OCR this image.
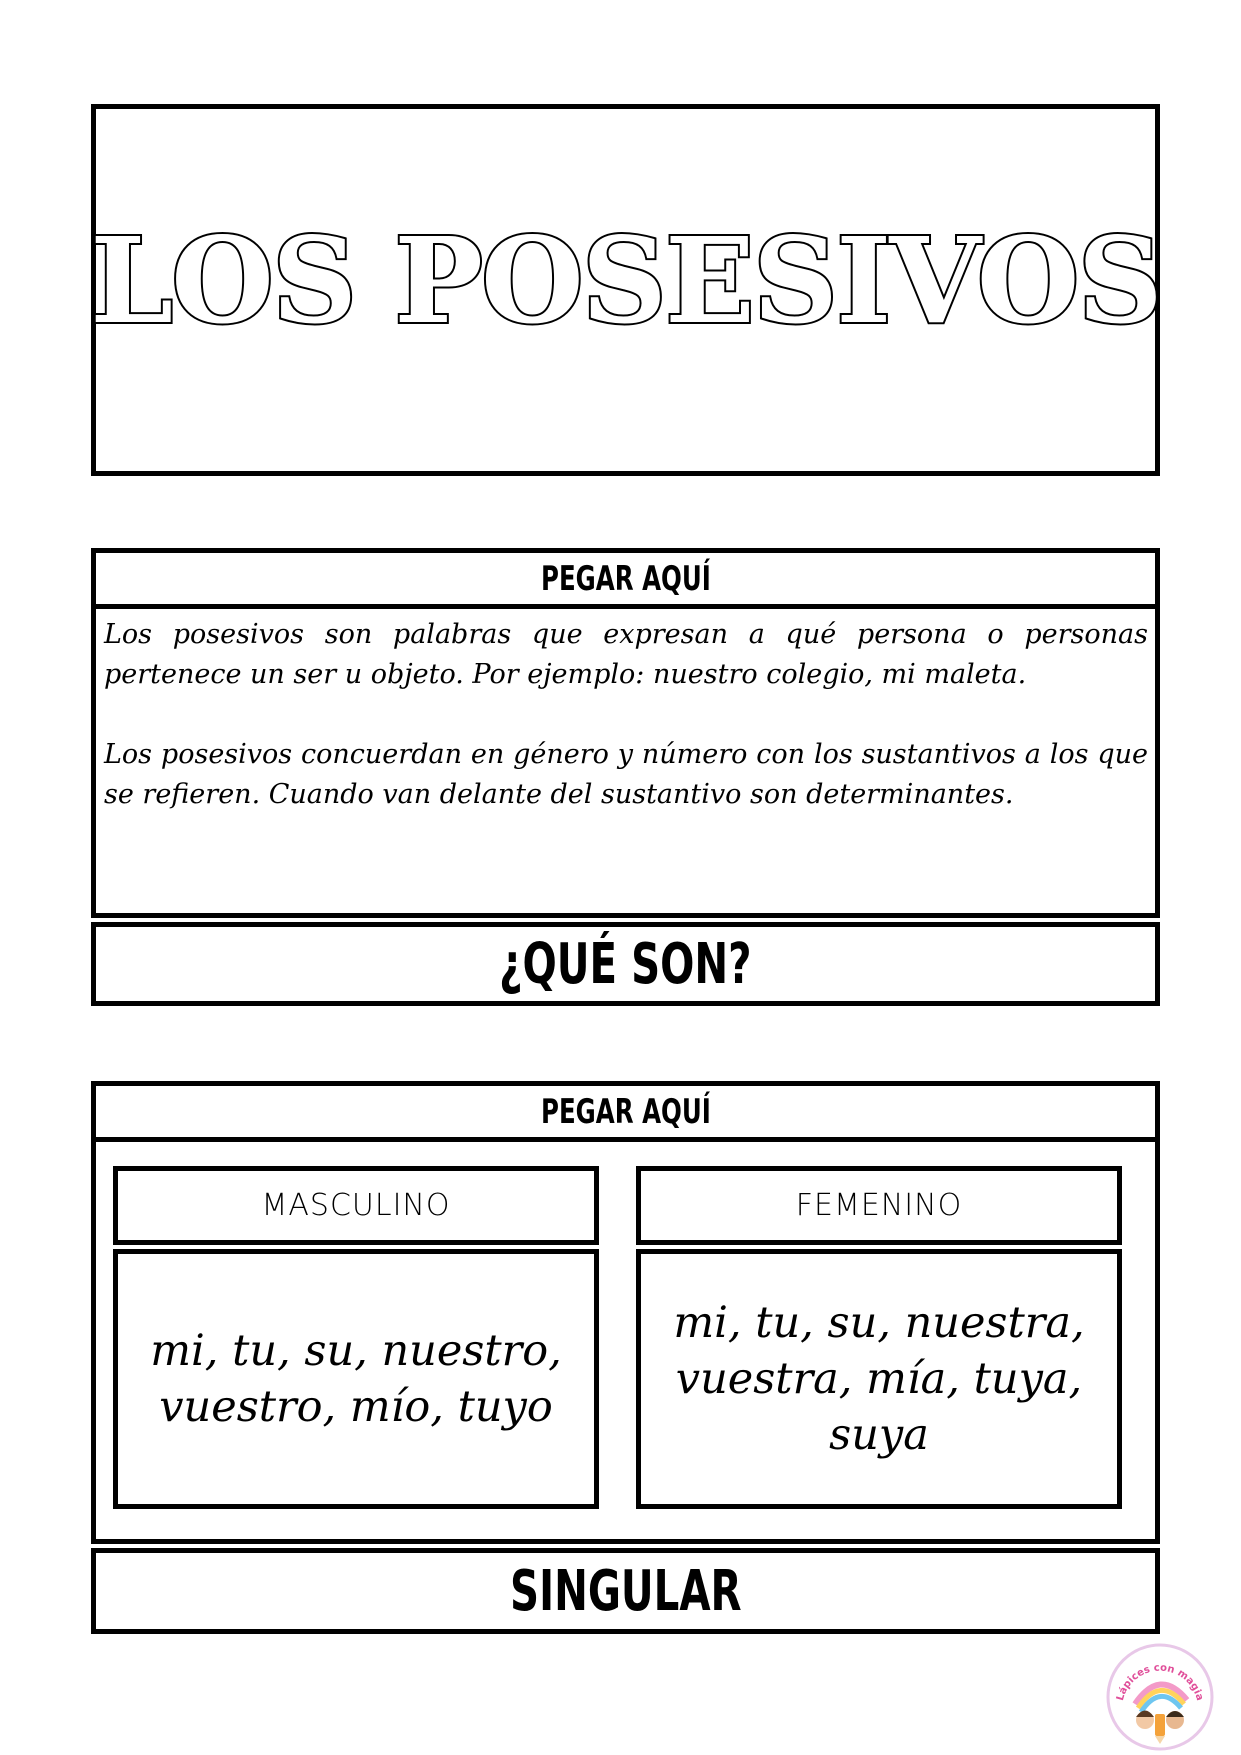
LOS POSESIVOS
PEGAR AQUÍ

Los posesivos son palabras que expresan a qué persona o personas pertenece un ser u objeto. Por ejemplo: nuestro colegio, mi maleta.

Los posesivos concuerdan en género y número con los sustantivos a los que se refieren. Cuando van delante del sustantivo son determinantes.

¿QUÉ SON?
PEGAR AQUÍ
MASCULINO
mi, tu, su, nuestro, vuestro, mío, tuyo
FEMENINO
mi, tu, su, nuestra, vuestra, mía, tuya, suya
SINGULAR
Lápices con magia
